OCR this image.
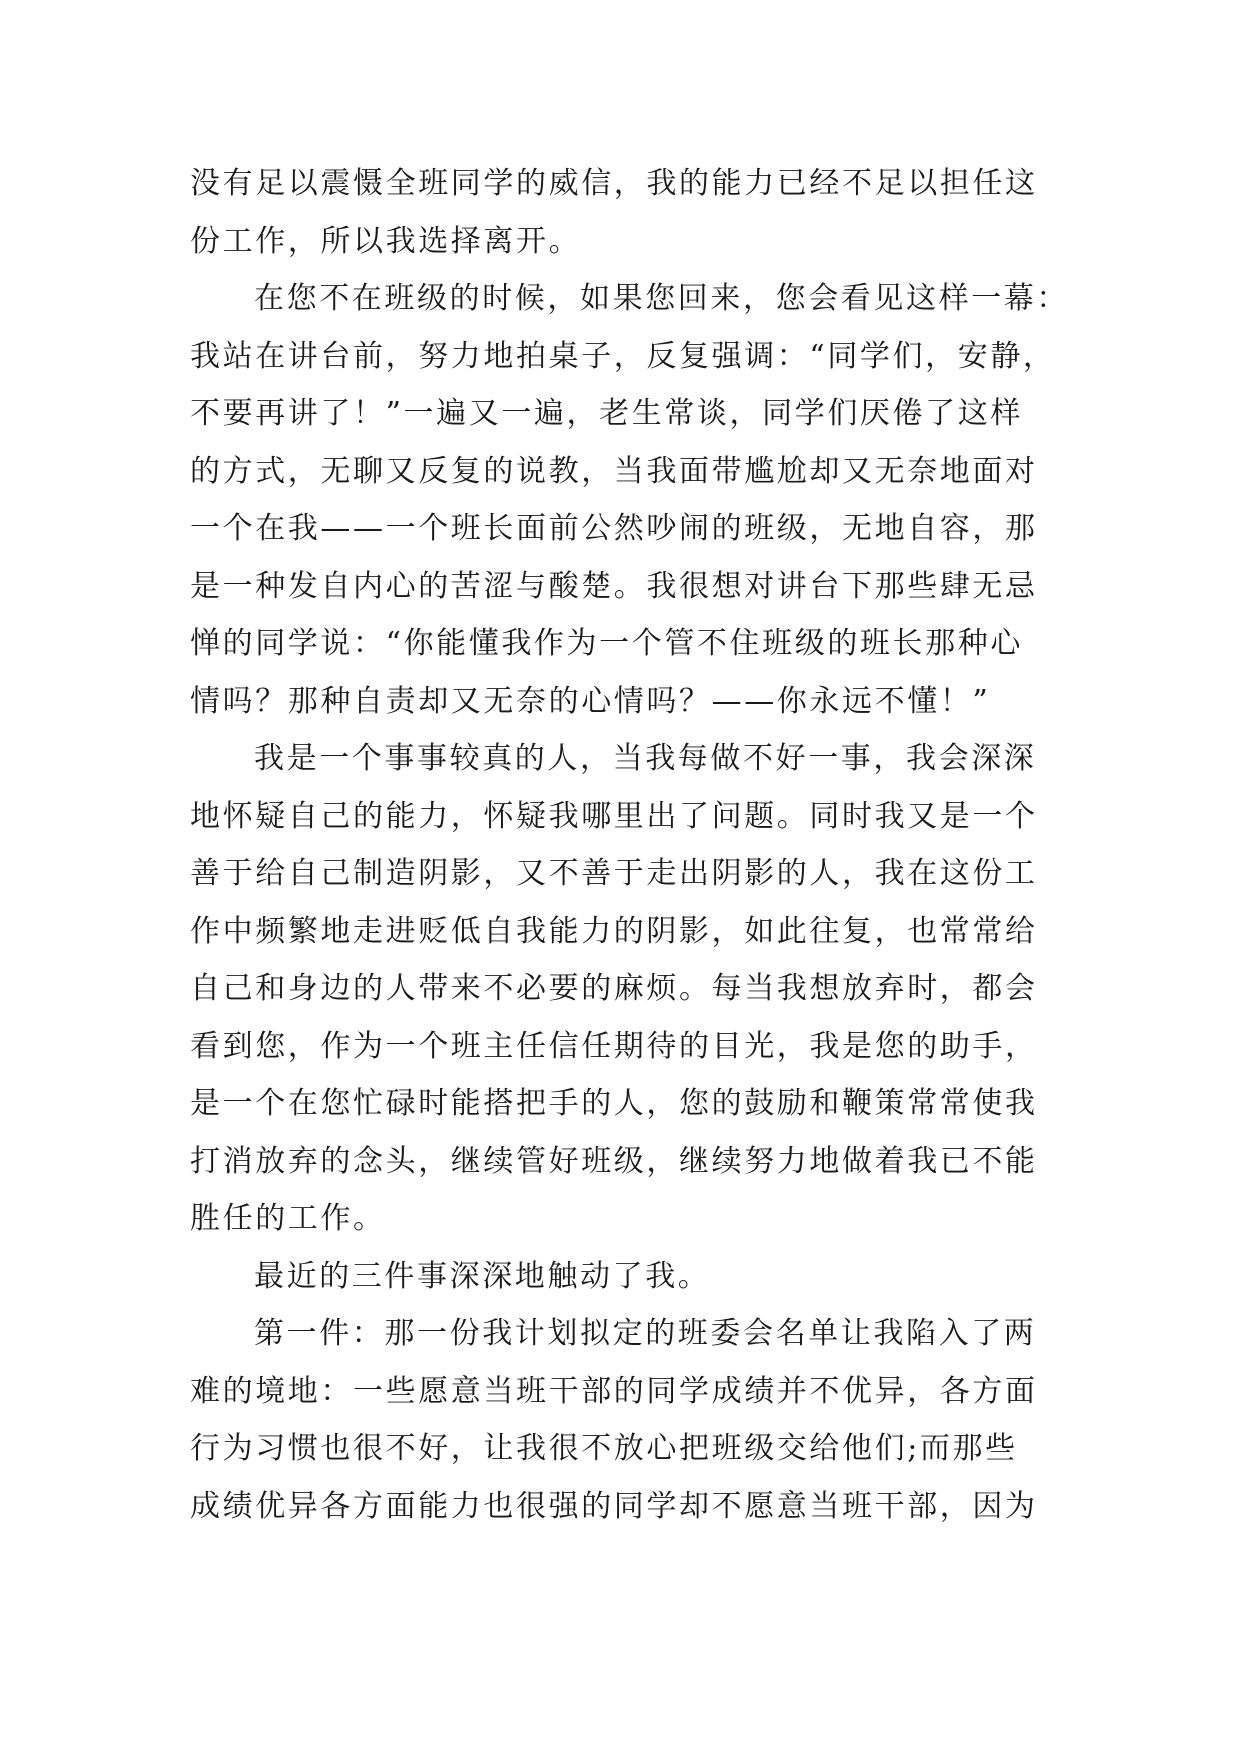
没有足以震慑全班同学的威信，我的能力已经不足以担任这
份工作，所以我选择离开。
在您不在班级的时候，如果您回来，您会看见这样一幕：
我站在讲台前，努力地拍桌子，反复强调：“同学们，安静，
不要再讲了！”一遍又一遍，老生常谈，同学们厌倦了这样
的方式，无聊又反复的说教，当我面带尴尬却又无奈地面对
一个在我——一个班长面前公然吵闹的班级，无地自容，那
是一种发自内心的苦涩与酸楚。我很想对讲台下那些肆无忌
惮的同学说：“你能懂我作为一个管不住班级的班长那种心
情吗？那种自责却又无奈的心情吗？——你永远不懂！”
我是一个事事较真的人，当我每做不好一事，我会深深
地怀疑自己的能力，怀疑我哪里出了问题。同时我又是一个
善于给自己制造阴影，又不善于走出阴影的人，我在这份工
作中频繁地走进贬低自我能力的阴影，如此往复，也常常给
自己和身边的人带来不必要的麻烦。每当我想放弃时，都会
看到您，作为一个班主任信任期待的目光，我是您的助手，
是一个在您忙碌时能搭把手的人，您的鼓励和鞭策常常使我
打消放弃的念头，继续管好班级，继续努力地做着我已不能
胜任的工作。
最近的三件事深深地触动了我。
第一件：那一份我计划拟定的班委会名单让我陷入了两
难的境地：一些愿意当班干部的同学成绩并不优异，各方面
行为习惯也很不好，让我很不放心把班级交给他们;而那些
成绩优异各方面能力也很强的同学却不愿意当班干部，因为
